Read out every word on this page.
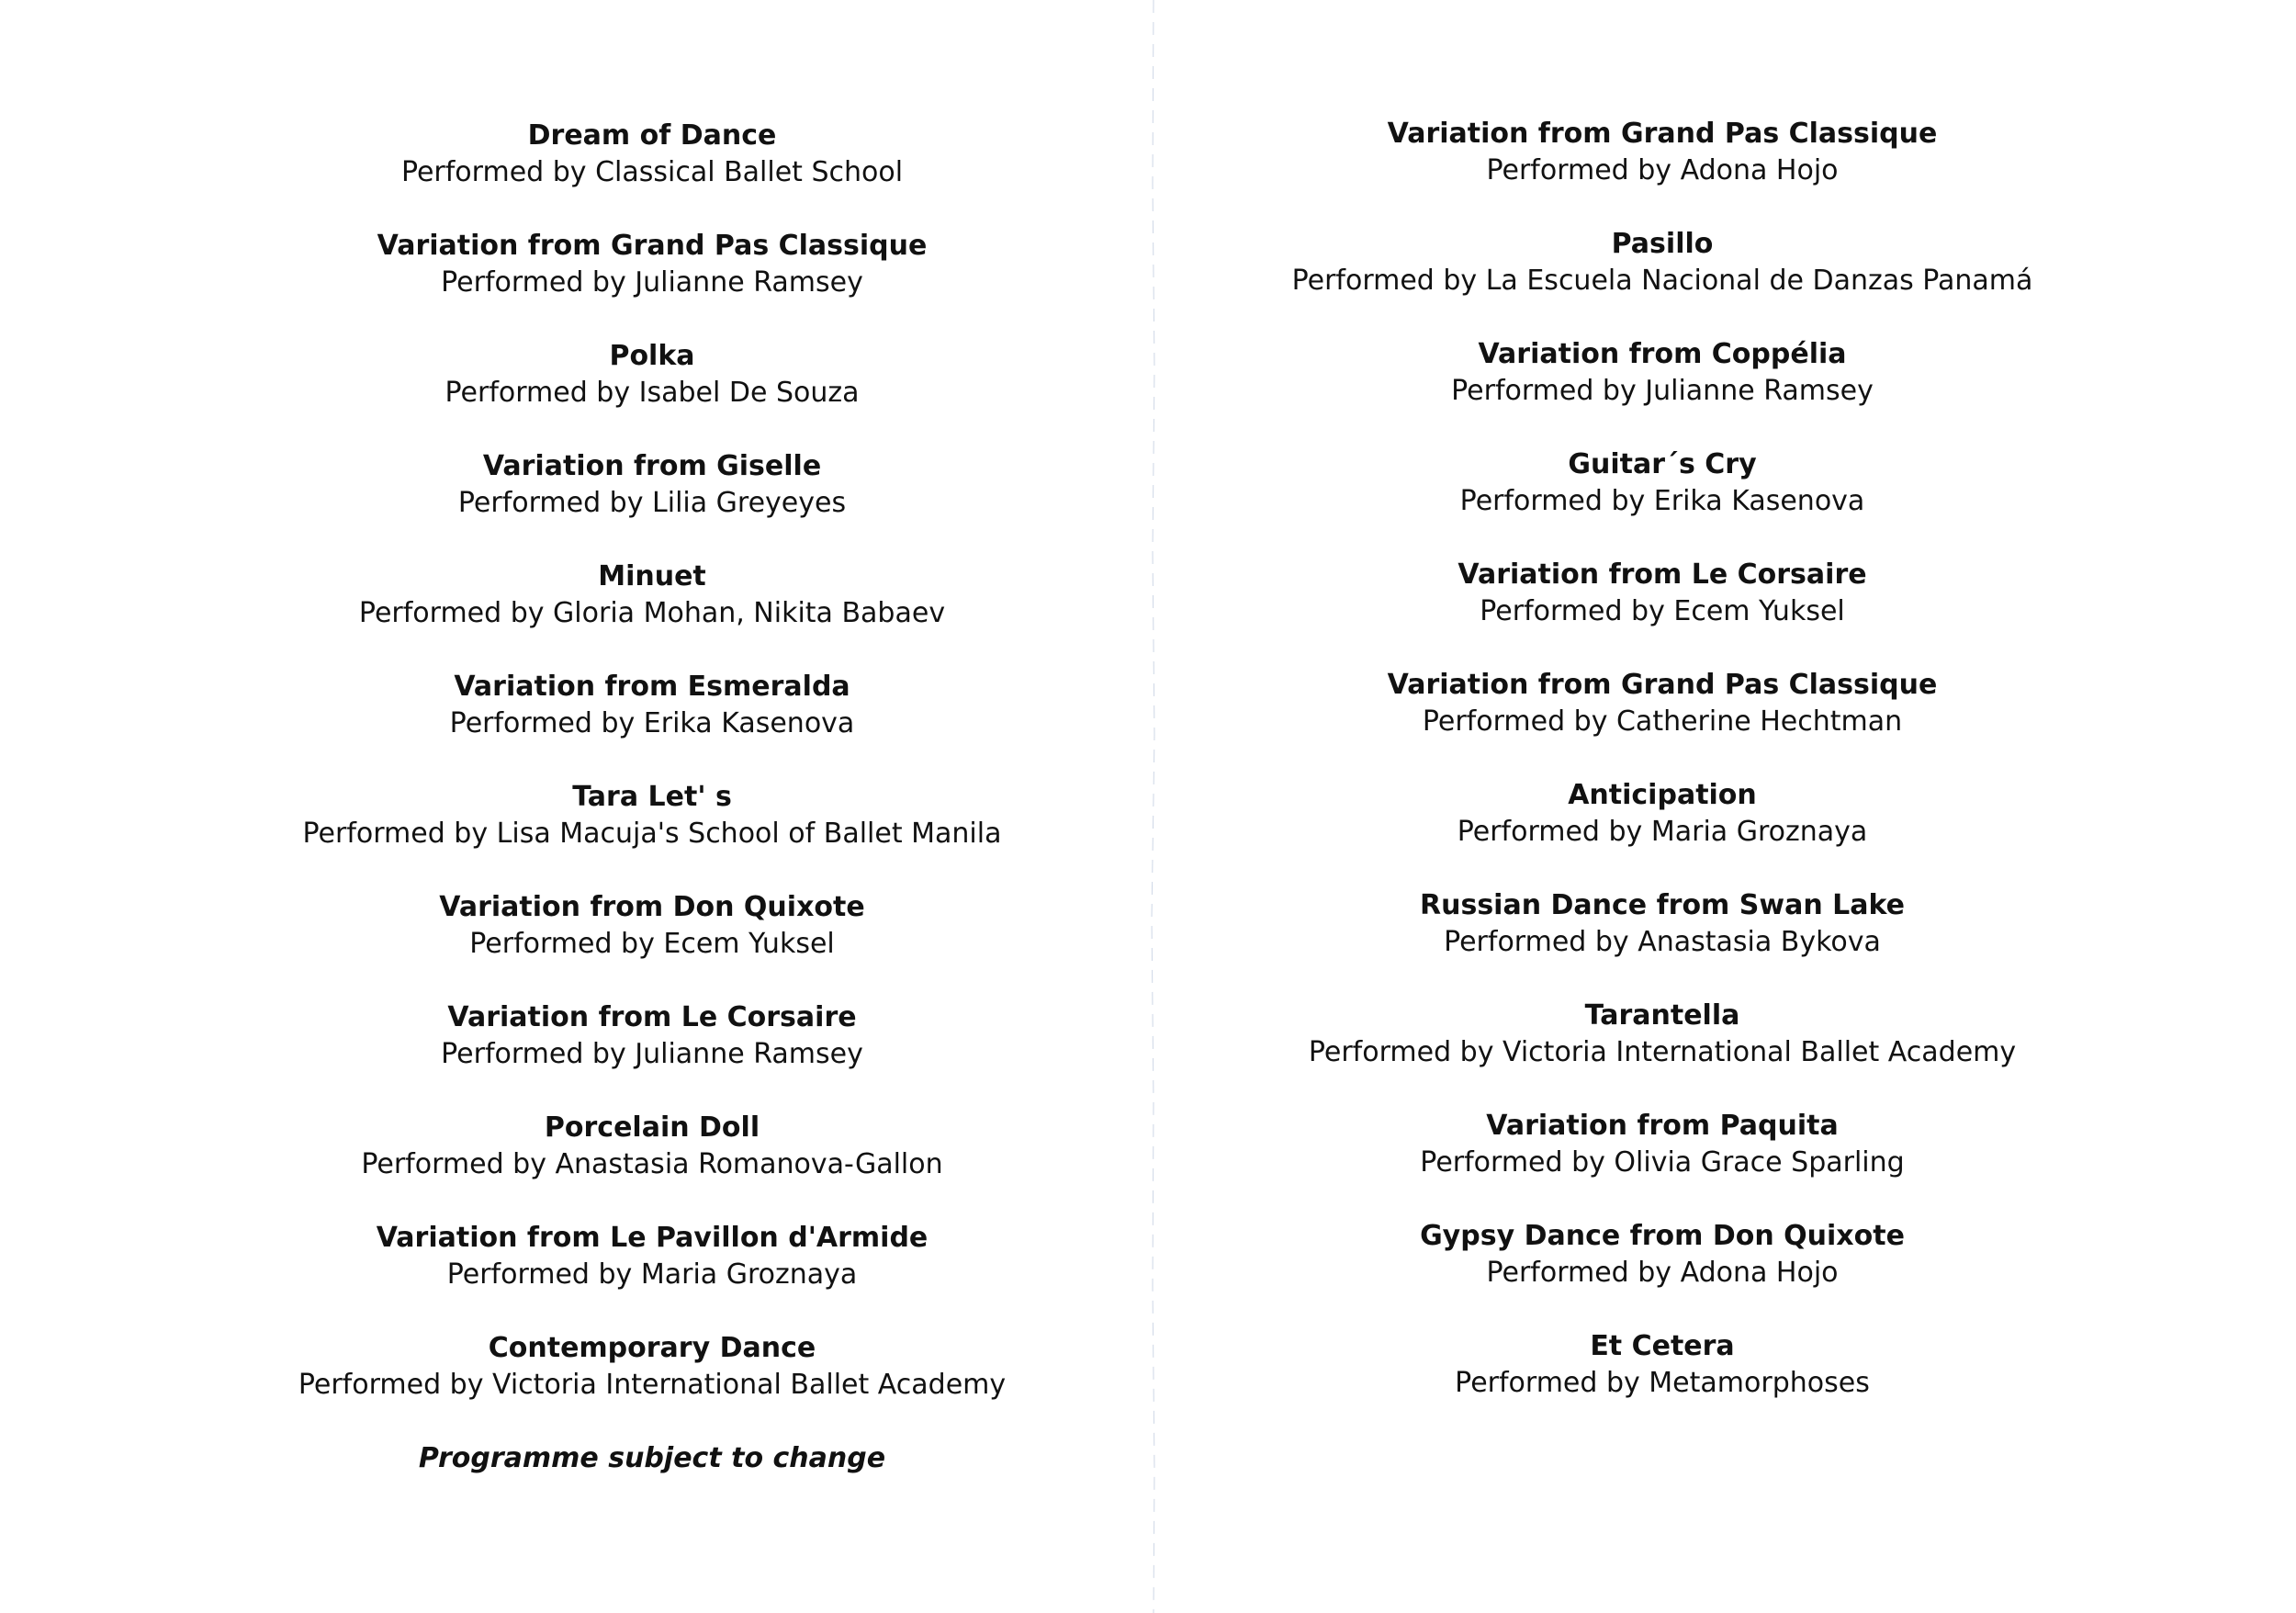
Dream of Dance
Performed by Classical Ballet School
Variation from Grand Pas Classique
Performed by Julianne Ramsey
Polka
Performed by Isabel De Souza
Variation from Giselle
Performed by Lilia Greyeyes
Minuet
Performed by Gloria Mohan, Nikita Babaev
Variation from Esmeralda
Performed by Erika Kasenova
Tara Let' s
Performed by Lisa Macuja's School of Ballet Manila
Variation from Don Quixote
Performed by Ecem Yuksel
Variation from Le Corsaire
Performed by Julianne Ramsey
Porcelain Doll
Performed by Anastasia Romanova-Gallon
Variation from Le Pavillon d'Armide
Performed by Maria Groznaya
Contemporary Dance
Performed by Victoria International Ballet Academy
Programme subject to change
Variation from Grand Pas Classique
Performed by Adona Hojo
Pasillo
Performed by La Escuela Nacional de Danzas Panamá
Variation from Coppélia
Performed by Julianne Ramsey
Guitar´s Cry
Performed by Erika Kasenova
Variation from Le Corsaire
Performed by Ecem Yuksel
Variation from Grand Pas Classique
Performed by Catherine Hechtman
Anticipation
Performed by Maria Groznaya
Russian Dance from Swan Lake
Performed by Anastasia Bykova
Tarantella
Performed by Victoria International Ballet Academy
Variation from Paquita
Performed by Olivia Grace Sparling
Gypsy Dance from Don Quixote
Performed by Adona Hojo
Et Cetera
Performed by Metamorphoses
